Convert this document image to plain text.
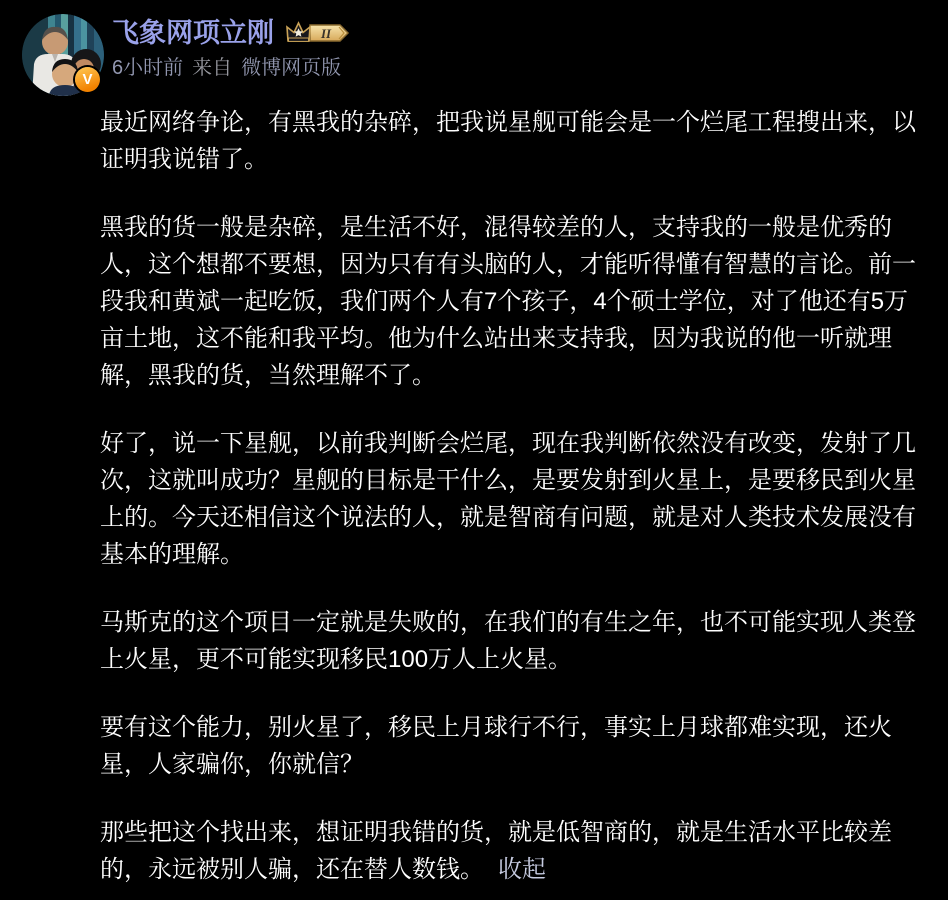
V
飞象网项立刚	II
6小时前 来自 微博网页版

最近网络争论，有黑我的杂碎，把我说星舰可能会是一个烂尾工程搜出来，以证明我说错了。

黑我的货一般是杂碎，是生活不好，混得较差的人，支持我的一般是优秀的人，这个想都不要想，因为只有有头脑的人，才能听得懂有智慧的言论。前一段我和黄斌一起吃饭，我们两个人有7个孩子，4个硕士学位，对了他还有5万亩土地，这不能和我平均。他为什么站出来支持我，因为我说的他一听就理解，黑我的货，当然理解不了。

好了，说一下星舰，以前我判断会烂尾，现在我判断依然没有改变，发射了几次，这就叫成功？星舰的目标是干什么，是要发射到火星上，是要移民到火星上的。今天还相信这个说法的人，就是智商有问题，就是对人类技术发展没有基本的理解。

马斯克的这个项目一定就是失败的，在我们的有生之年，也不可能实现人类登上火星，更不可能实现移民100万人上火星。

要有这个能力，别火星了，移民上月球行不行，事实上月球都难实现，还火星，人家骗你，你就信？

那些把这个找出来，想证明我错的货，就是低智商的，就是生活水平比较差的，永远被别人骗，还在替人数钱。 收起
